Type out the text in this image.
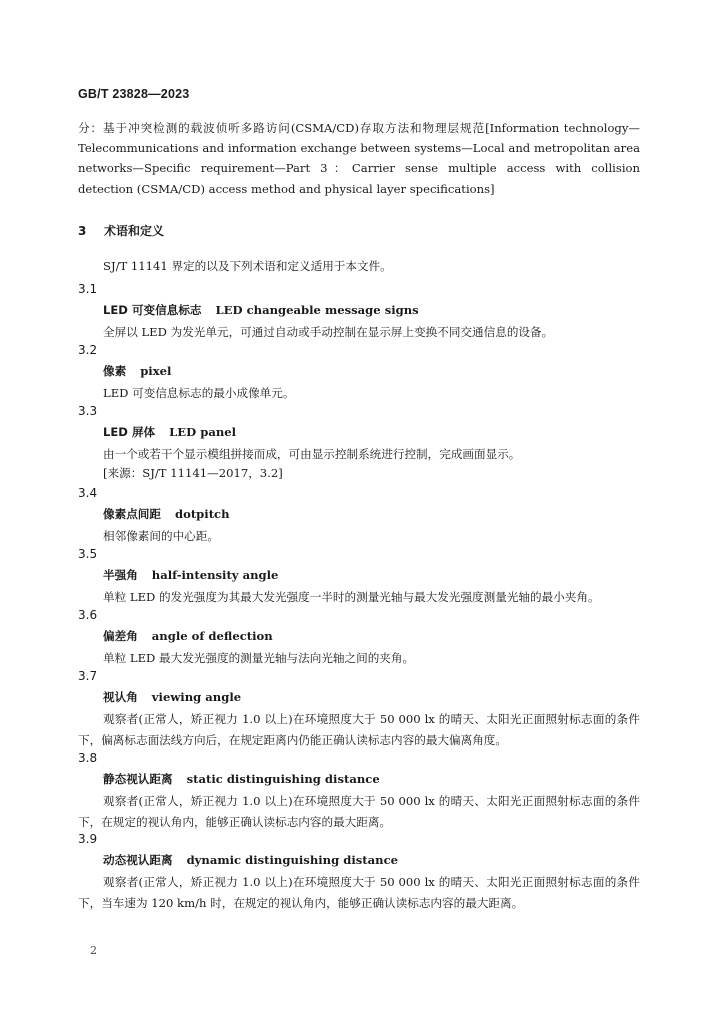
GB/T 23828—2023
分：基于冲突检测的载波侦听多路访问(CSMA/CD)存取方法和物理层规范[Information technology—Telecommunications and information exchange between systems—Local and metropolitan area networks—Specific requirement—Part 3：Carrier sense multiple access with collision detection (CSMA/CD) access method and physical layer specifications]
3 术语和定义
SJ/T 11141 界定的以及下列术语和定义适用于本文件。
3.1
LED 可变信息标志 LED changeable message signs
全屏以 LED 为发光单元，可通过自动或手动控制在显示屏上变换不同交通信息的设备。
3.2
像素 pixel
LED 可变信息标志的最小成像单元。
3.3
LED 屏体 LED panel
由一个或若干个显示模组拼接而成，可由显示控制系统进行控制，完成画面显示。
[来源：SJ/T 11141—2017，3.2]
3.4
像素点间距 dotpitch
相邻像素间的中心距。
3.5
半强角 half-intensity angle
单粒 LED 的发光强度为其最大发光强度一半时的测量光轴与最大发光强度测量光轴的最小夹角。
3.6
偏差角 angle of deflection
单粒 LED 最大发光强度的测量光轴与法向光轴之间的夹角。
3.7
视认角 viewing angle
观察者(正常人，矫正视力 1.0 以上)在环境照度大于 50 000 lx 的晴天、太阳光正面照射标志面的条件下，偏离标志面法线方向后，在规定距离内仍能正确认读标志内容的最大偏离角度。
3.8
静态视认距离 static distinguishing distance
观察者(正常人，矫正视力 1.0 以上)在环境照度大于 50 000 lx 的晴天、太阳光正面照射标志面的条件下，在规定的视认角内，能够正确认读标志内容的最大距离。
3.9
动态视认距离 dynamic distinguishing distance
观察者(正常人，矫正视力 1.0 以上)在环境照度大于 50 000 lx 的晴天、太阳光正面照射标志面的条件下，当车速为 120 km/h 时，在规定的视认角内，能够正确认读标志内容的最大距离。
2
